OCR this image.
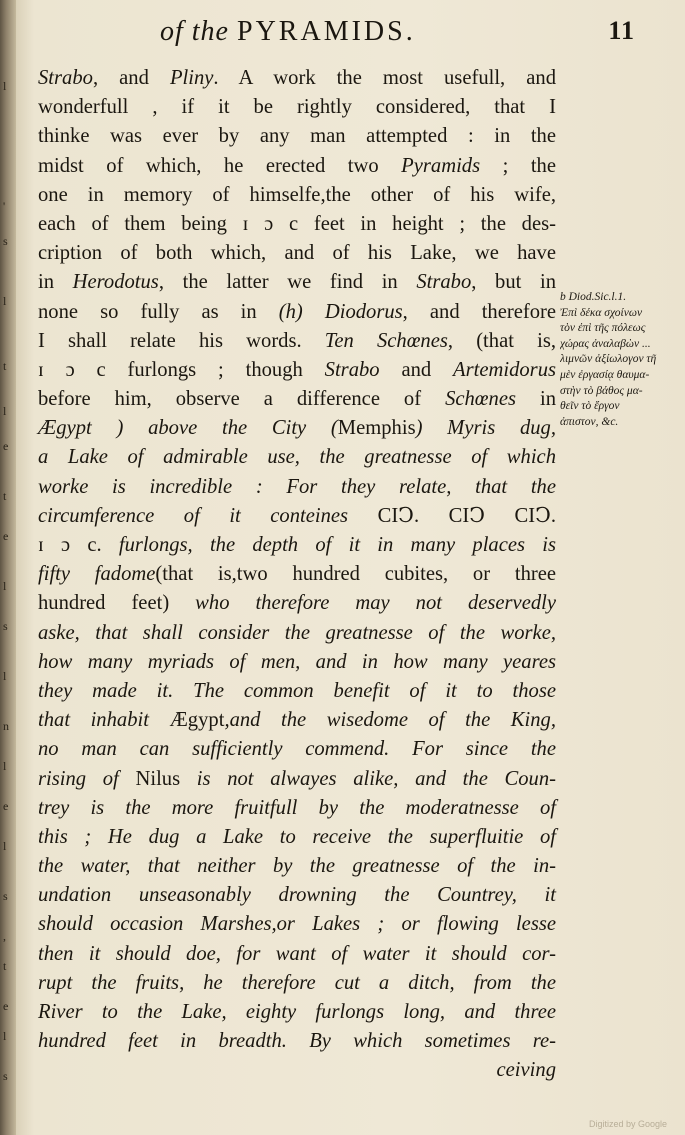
l
'
s
l
t
l
e
t
e
l
s
l
n
l
e
l
s
,
t
e
l
s
of the PYRAMIDS.	11
Strabo, and Pliny. A work the most usefull, and
wonderfull , if it be rightly considered, that I
thinke was ever by any man attempted : in the
midst of which, he erected two Pyramids ; the
one in memory of himselfe,the other of his wife,
each of them being ɪ ɔ c feet in height ; the des-
cription of both which, and of his Lake, we have
in Herodotus, the latter we find in Strabo, but in
none so fully as in (h) Diodorus, and therefore
I shall relate his words. Ten Schœnes, (that is,
ɪ ɔ c furlongs ; though Strabo and Artemidorus
before him, observe a difference of Schœnes in
Ægypt ) above the City (Memphis) Myris dug,
a Lake of admirable use, the greatnesse of which
worke is incredible : For they relate, that the
circumference of it conteines CIↃ. CIↃ CIↃ.
ɪ ɔ c. furlongs, the depth of it in many places is
fifty fadome(that is,two hundred cubites, or three
hundred feet) who therefore may not deservedly
aske, that shall consider the greatnesse of the worke,
how many myriads of men, and in how many yeares
they made it. The common benefit of it to those
that inhabit Ægypt,and the wisedome of the King,
no man can sufficiently commend. For since the
rising of Nilus is not alwayes alike, and the Coun-
trey is the more fruitfull by the moderatnesse of
this ; He dug a Lake to receive the superfluitie of
the water, that neither by the greatnesse of the in-
undation unseasonably drowning the Countrey, it
should occasion Marshes,or Lakes ; or flowing lesse
then it should doe, for want of water it should cor-
rupt the fruits, he therefore cut a ditch, from the
River to the Lake, eighty furlongs long, and three
hundred feet in breadth. By which sometimes re-
ceiving
b Diod.Sic.l.1.
Ἐπὶ δέκα σχοίνων
τὸν ἐπὶ τῆς πόλεως
χώρας ἀναλαβὼν ...
λιμνῶν ἀξίωλογον τῆ
μὲν ἐργασίᾳ θαυμα-
στὴν τὸ βάθος μα-
θεῖν τὸ ἔργον
ἀπιστον, &c.
Digitized by Google
